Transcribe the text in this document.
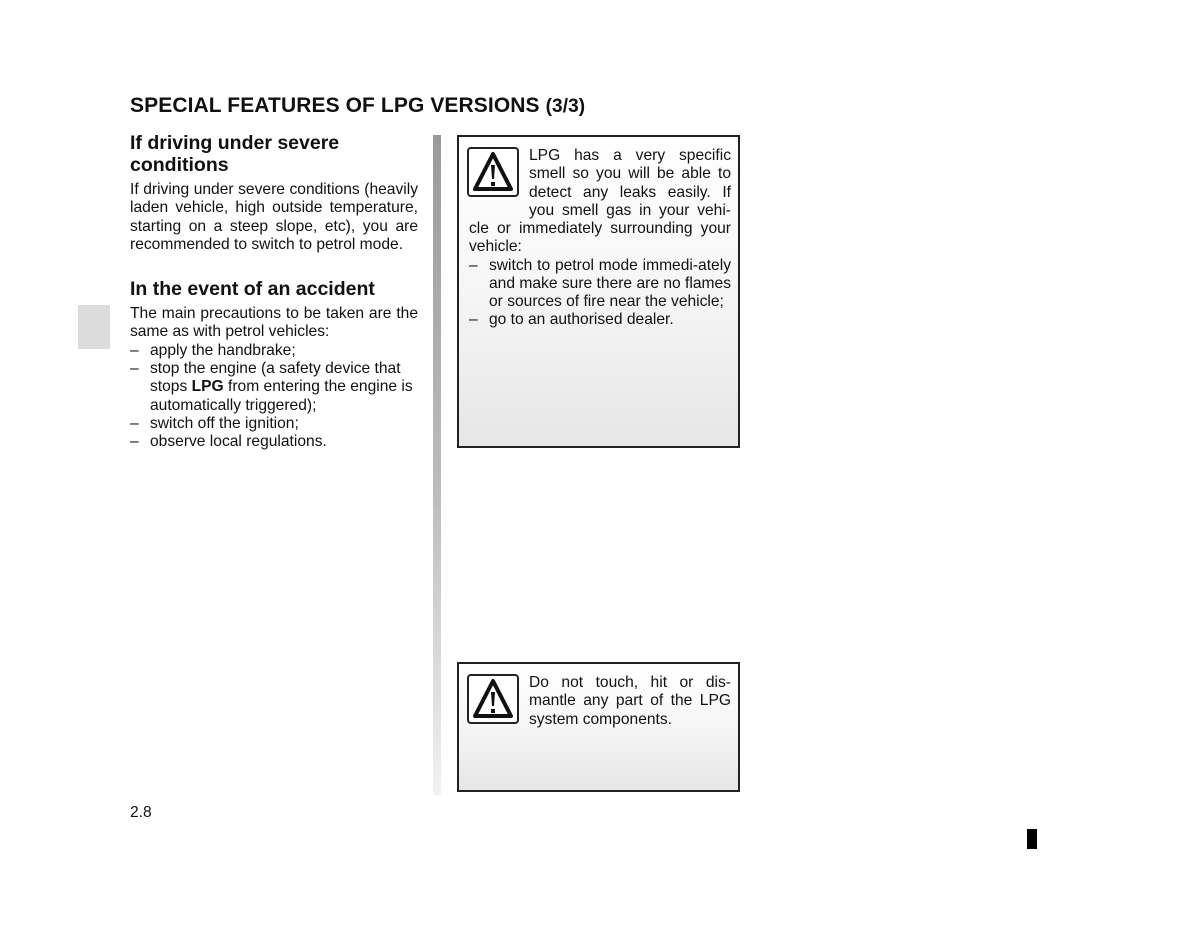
SPECIAL FEATURES OF LPG VERSIONS (3/3)
If driving under severe
conditions

If driving under severe conditions (heavily laden vehicle, high outside temperature, starting on a steep slope, etc), you are recommended to switch to petrol mode.

In the event of an accident

The main precautions to be taken are the same as with petrol vehicles:

– apply the handbrake;
– stop the engine (a safety device that stops LPG from entering the engine is automatically triggered);
– switch off the ignition;
– observe local regulations.
LPG has a very specific smell so you will be able to detect any leaks easily. If you smell gas in your vehi-
cle or immediately surrounding your vehicle:
– switch to petrol mode immedi-ately and make sure there are no flames or sources of fire near the vehicle;
– go to an authorised dealer.
Do not touch, hit or dis-mantle any part of the LPG system components.
2.8
